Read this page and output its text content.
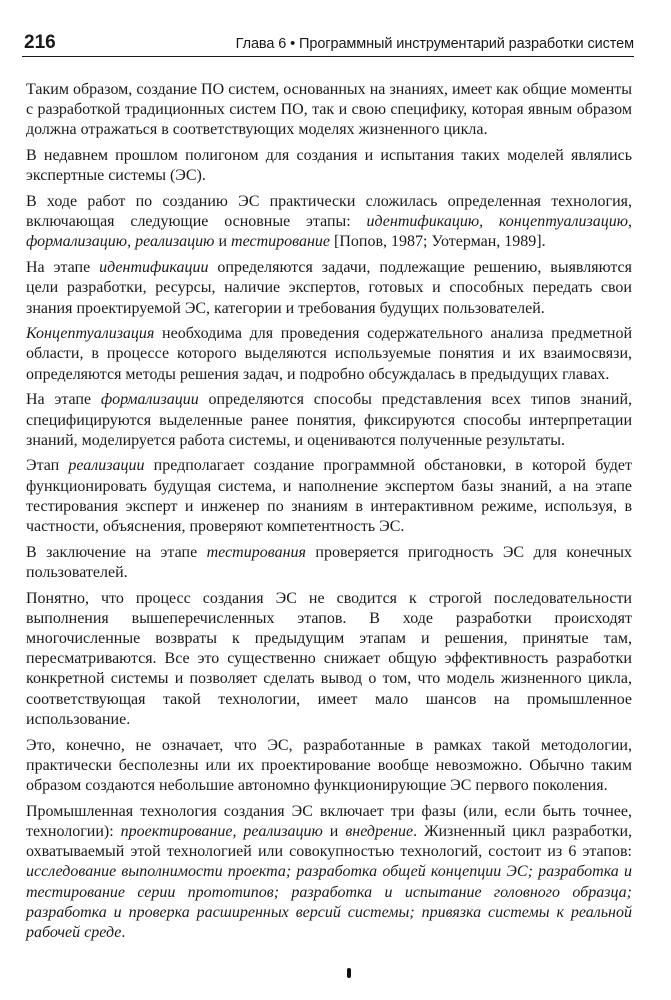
216	Глава 6 • Программный инструментарий разработки систем

Таким образом, создание ПО систем, основанных на знаниях, имеет как общие моменты с разработкой традиционных систем ПО, так и свою специфику, которая явным образом должна отражаться в соответствующих моделях жизненного цикла.

В недавнем прошлом полигоном для создания и испытания таких моделей являлись экспертные системы (ЭС).

В ходе работ по созданию ЭС практически сложилась определенная технология, включающая следующие основные этапы: идентификацию, концептуализацию, формализацию, реализацию и тестирование [Попов, 1987; Уотерман, 1989].

На этапе идентификации определяются задачи, подлежащие решению, выявляются цели разработки, ресурсы, наличие экспертов, готовых и способных передать свои знания проектируемой ЭС, категории и требования будущих пользователей.

Концептуализация необходима для проведения содержательного анализа предметной области, в процессе которого выделяются используемые понятия и их взаимосвязи, определяются методы решения задач, и подробно обсуждалась в предыдущих главах.

На этапе формализации определяются способы представления всех типов знаний, специфицируются выделенные ранее понятия, фиксируются способы интерпретации знаний, моделируется работа системы, и оцениваются полученные результаты.

Этап реализации предполагает создание программной обстановки, в которой будет функционировать будущая система, и наполнение экспертом базы знаний, а на этапе тестирования эксперт и инженер по знаниям в интерактивном режиме, используя, в частности, объяснения, проверяют компетентность ЭС.

В заключение на этапе тестирования проверяется пригодность ЭС для конечных пользователей.

Понятно, что процесс создания ЭС не сводится к строгой последовательности выполнения вышеперечисленных этапов. В ходе разработки происходят многочисленные возвраты к предыдущим этапам и решения, принятые там, пересматриваются. Все это существенно снижает общую эффективность разработки конкретной системы и позволяет сделать вывод о том, что модель жизненного цикла, соответствующая такой технологии, имеет мало шансов на промышленное использование.

Это, конечно, не означает, что ЭС, разработанные в рамках такой методологии, практически бесполезны или их проектирование вообще невозможно. Обычно таким образом создаются небольшие автономно функционирующие ЭС первого поколения.

Промышленная технология создания ЭС включает три фазы (или, если быть точнее, технологии): проектирование, реализацию и внедрение. Жизненный цикл разработки, охватываемый этой технологией или совокупностью технологий, состоит из 6 этапов: исследование выполнимости проекта; разработка общей концепции ЭС; разработка и тестирование серии прототипов; разработка и испытание головного образца; разработка и проверка расширенных версий системы; привязка системы к реальной рабочей среде.
